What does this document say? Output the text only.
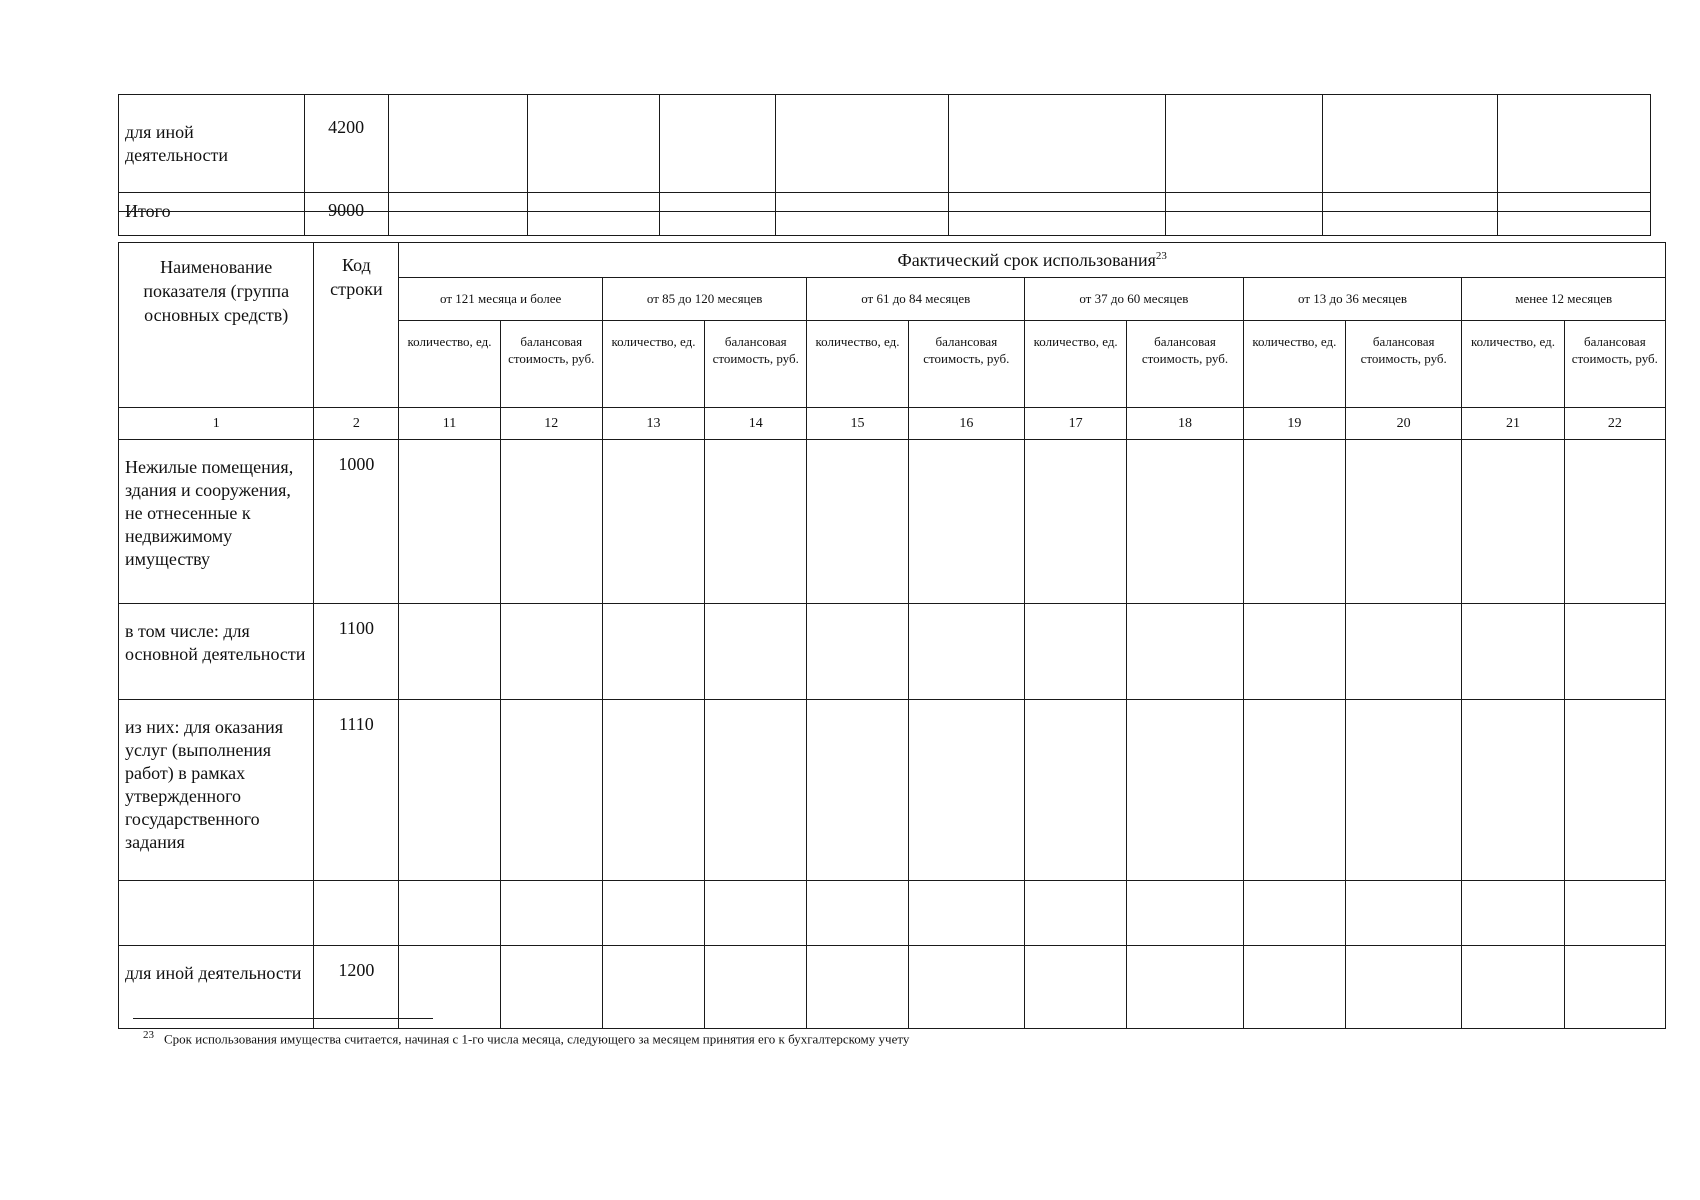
для иной деятельности	4200								
Итого	9000								
Наименование показателя (группа основных средств)	Код строки	Фактический срок использования$^{23}$
		от 121 месяца и более		от 85 до 120 месяцев		от 61 до 84 месяцев		от 37 до 60 месяцев		от 13 до 36 месяцев		менее 12 месяцев	
		количество, ед.	балансовая стоимость, руб.	количество, ед.	балансовая стоимость, руб.	количество, ед.	балансовая стоимость, руб.	количество, ед.	балансовая стоимость, руб.	количество, ед.	балансовая стоимость, руб.	количество, ед.	балансовая стоимость, руб.
1	2	11	12	13	14	15	16	17	18	19	20	21	22
Нежилые помещения, здания и сооружения, не отнесенные к недвижимому имуществу	1000												
в том числе: для основной деятельности	1100												
из них: для оказания услуг (выполнения работ) в рамках утвержденного государственного задания	1110												

для иной деятельности	1200												
$^{23}$ Срок использования имущества считается, начиная с 1-го числа месяца, следующего за месяцем принятия его к бухгалтерскому учету
